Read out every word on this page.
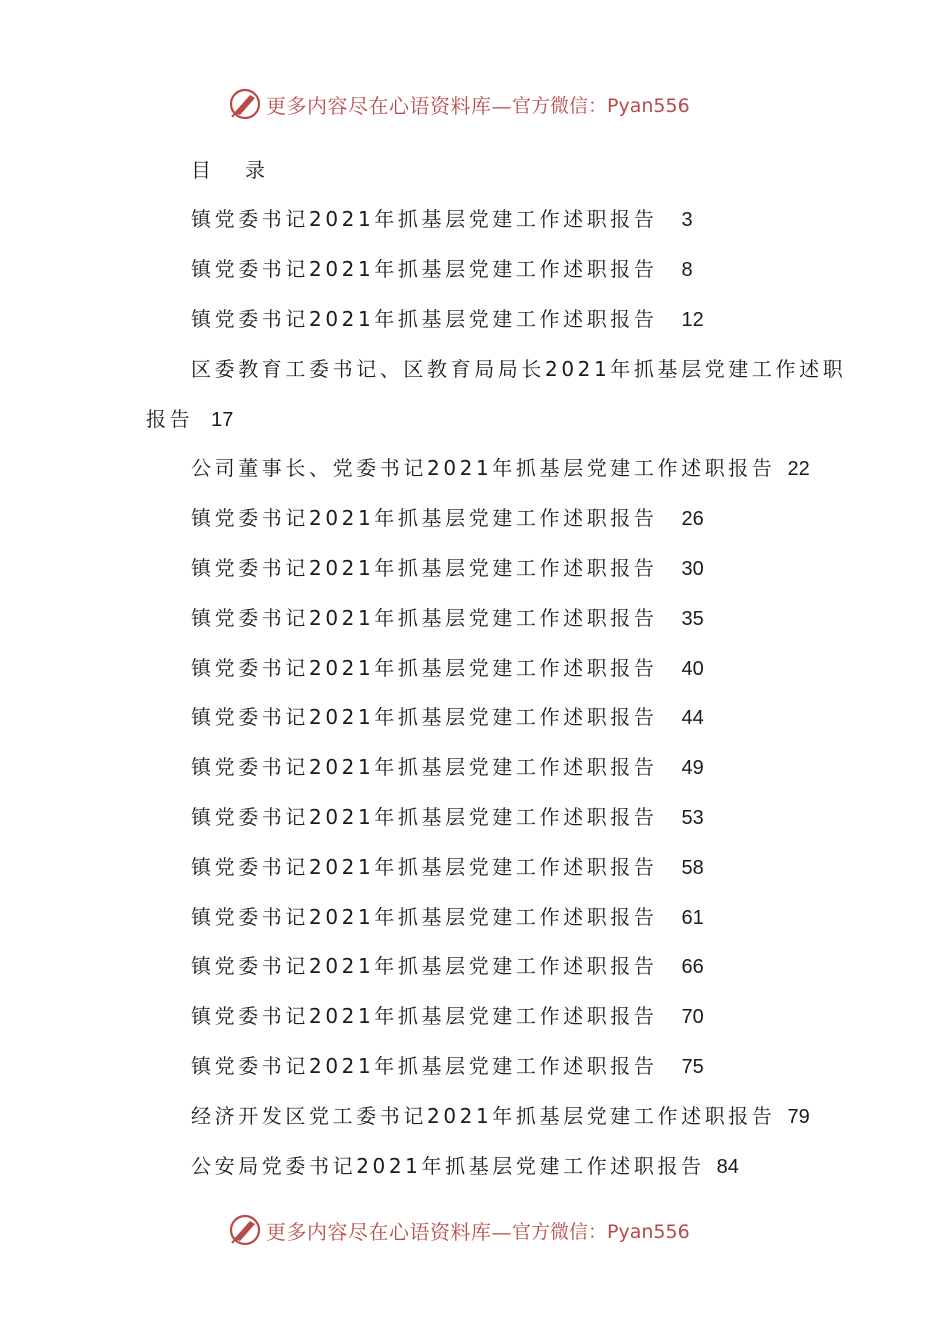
更多内容尽在心语资料库— 官方微信：Pyan556
目 录
镇党委书记2021年抓基层党建工作述职报告 3
镇党委书记2021年抓基层党建工作述职报告 8
镇党委书记2021年抓基层党建工作述职报告 12
区委教育工委书记、区教育局局长2021年抓基层党建工作述职
报告 17
公司董事长、党委书记2021年抓基层党建工作述职报告 22
镇党委书记2021年抓基层党建工作述职报告 26
镇党委书记2021年抓基层党建工作述职报告 30
镇党委书记2021年抓基层党建工作述职报告 35
镇党委书记2021年抓基层党建工作述职报告 40
镇党委书记2021年抓基层党建工作述职报告 44
镇党委书记2021年抓基层党建工作述职报告 49
镇党委书记2021年抓基层党建工作述职报告 53
镇党委书记2021年抓基层党建工作述职报告 58
镇党委书记2021年抓基层党建工作述职报告 61
镇党委书记2021年抓基层党建工作述职报告 66
镇党委书记2021年抓基层党建工作述职报告 70
镇党委书记2021年抓基层党建工作述职报告 75
经济开发区党工委书记2021年抓基层党建工作述职报告 79
公安局党委书记2021年抓基层党建工作述职报告 84
更多内容尽在心语资料库— 官方微信：Pyan556
